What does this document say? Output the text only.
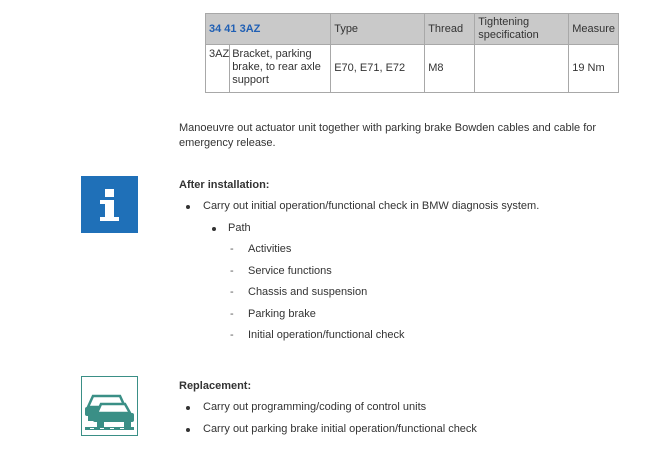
34 41 3AZ		Type	Thread	Tightening specification	Measure
3AZ	Bracket, parking brake, to rear axle support	E70, E71, E72	M8		19 Nm
Manoeuvre out actuator unit together with parking brake Bowden cables and cable for emergency release.
After installation:
Carry out initial operation/functional check in BMW diagnosis system.
Path
- Activities
- Service functions
- Chassis and suspension
- Parking brake
- Initial operation/functional check
Replacement:
Carry out programming/coding of control units
Carry out parking brake initial operation/functional check
